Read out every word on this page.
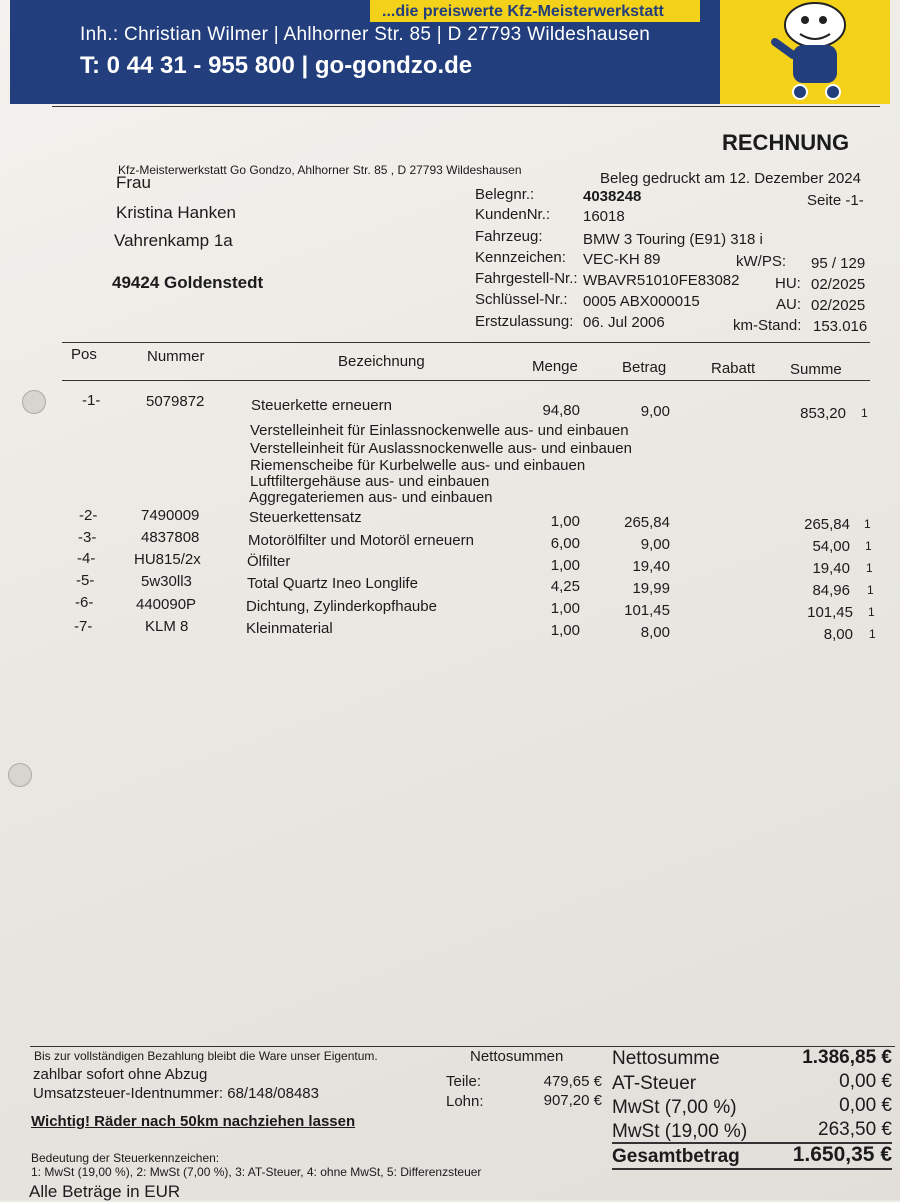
...die preiswerte Kfz-Meisterwerkstatt
Inh.: Christian Wilmer | Ahlhorner Str. 85 | D 27793 Wildeshausen
T: 0 44 31 - 955 800 | go-gondzo.de
RECHNUNG
Kfz-Meisterwerkstatt Go Gondzo, Ahlhorner Str. 85 , D 27793 Wildeshausen
Frau
Kristina Hanken
Vahrenkamp 1a
49424 Goldenstedt
Beleg gedruckt am 12. Dezember 2024
Seite -1-
Belegnr.:	4038248
KundenNr.: 16018
Fahrzeug:	BMW 3 Touring (E91) 318 i
Kennzeichen: VEC-KH 89
Fahrgestell-Nr.: WBAVR51010FE83082
Schlüssel-Nr.: 0005 ABX000015
Erstzulassung: 06. Jul 2006
kW/PS: 95 / 129
HU: 02/2025
AU: 02/2025
km-Stand: 153.016
Pos	Nummer	Bezeichnung	Menge	Betrag	Rabatt Summe
-1-	5079872	Steuerkette erneuern	94,80	9,00	853,20 1
Verstelleinheit für Einlassnockenwelle aus- und einbauen
Verstelleinheit für Auslassnockenwelle aus- und einbauen
Riemenscheibe für Kurbelwelle aus- und einbauen
Luftfiltergehäuse aus- und einbauen
Aggregateriemen aus- und einbauen
-2-	7490009	Steuerkettensatz	1,00	265,84	265,84 1
-3-	4837808	Motorölfilter und Motoröl erneuern	6,00	9,00	54,00 1
-4-	HU815/2x	Ölfilter	1,00	19,40	19,40 1
-5-	5w30ll3	Total Quartz Ineo Longlife	4,25	19,99	84,96 1
-6-	440090P	Dichtung, Zylinderkopfhaube	1,00	101,45	101,45 1
-7-	KLM 8	Kleinmaterial	1,00	8,00	8,00 1
Bis zur vollständigen Bezahlung bleibt die Ware unser Eigentum.
zahlbar sofort ohne Abzug
Umsatzsteuer-Identnummer: 68/148/08483
Wichtig! Räder nach 50km nachziehen lassen
Bedeutung der Steuerkennzeichen:
1: MwSt (19,00 %), 2: MwSt (7,00 %), 3: AT-Steuer, 4: ohne MwSt, 5: Differenzsteuer
Alle Beträge in EUR
Nettosummen
Teile:	479,65 €
Lohn:	907,20 €
Nettosumme	1.386,85 €
AT-Steuer	0,00 €
MwSt (7,00 %)	0,00 €
MwSt (19,00 %)	263,50 €
Gesamtbetrag	1.650,35 €
